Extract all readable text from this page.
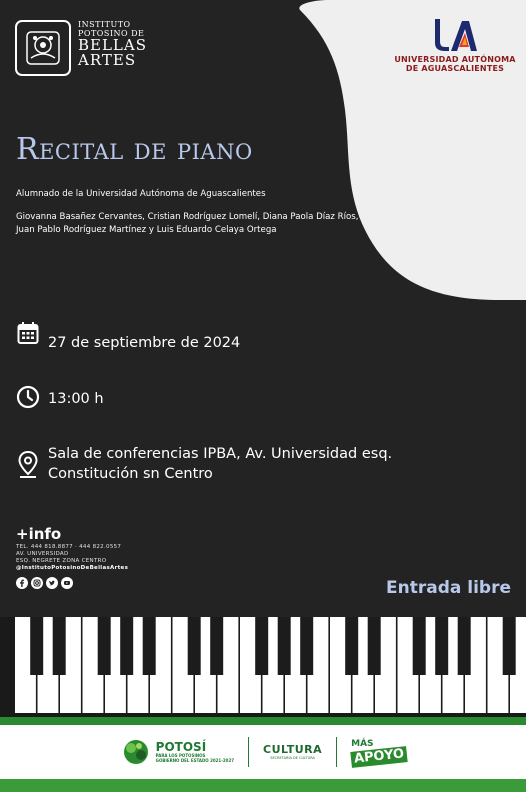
INSTITUTO
POTOSINO DE
BELLAS
ARTES	UNIVERSIDAD AUTÓNOMA
DE AGUASCALIENTES
Recital de piano
Alumnado de la Universidad Autónoma de Aguascalientes
Giovanna Basañez Cervantes, Cristian Rodríguez Lomelí, Diana Paola Díaz Ríos, Juan Pablo Rodríguez Martínez y Luis Eduardo Celaya Ortega
27 de septiembre de 2024
13:00 h
Sala de conferencias IPBA, Av. Universidad esq.
Constitución sn Centro
+info
TEL. 444 818.8877 · 444 822.0557
AV. UNIVERSIDAD
ESQ. NEGRETE ZONA CENTRO
@InstitutoPotosinoDeBellasArtes
Entrada libre
POTOSÍ
PARA LOS POTOSINOS
GOBIERNO DEL ESTADO 2021-2027
CULTURA
SECRETARÍA DE CULTURA
MÁS
APOYO
